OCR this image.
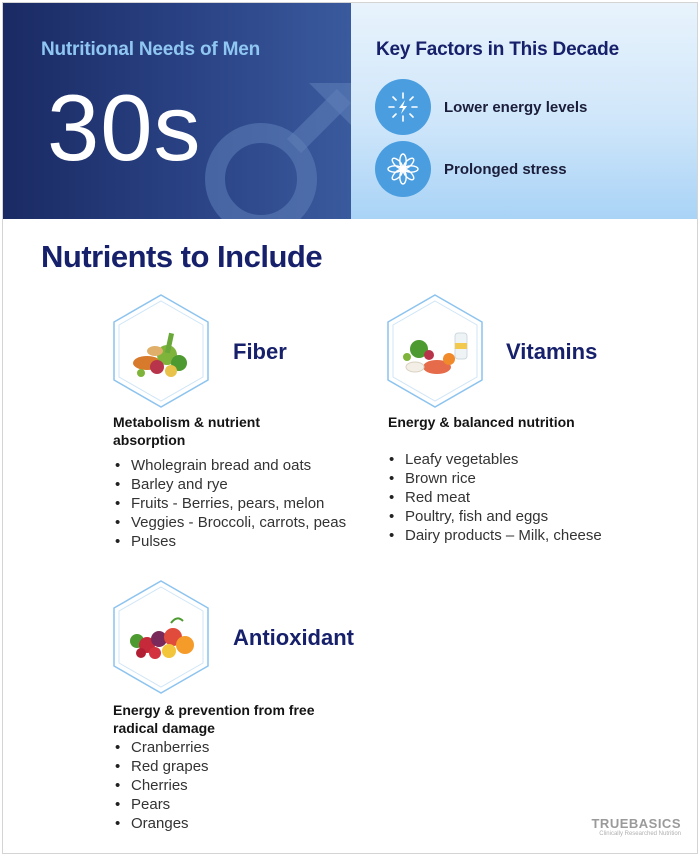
Nutritional Needs of Men
30s
Key Factors in This Decade
Lower energy levels
Prolonged stress
Nutrients to Include
Fiber
Metabolism & nutrient absorption
• Wholegrain bread and oats
• Barley and rye
• Fruits - Berries, pears, melon
• Veggies - Broccoli, carrots, peas
• Pulses
Vitamins
Energy & balanced nutrition
• Leafy vegetables
• Brown rice
• Red meat
• Poultry, fish and eggs
• Dairy products – Milk, cheese
Antioxidant
Energy & prevention from free radical damage
• Cranberries
• Red grapes
• Cherries
• Pears
• Oranges	TRUEBASICS
Clinically Researched Nutrition
